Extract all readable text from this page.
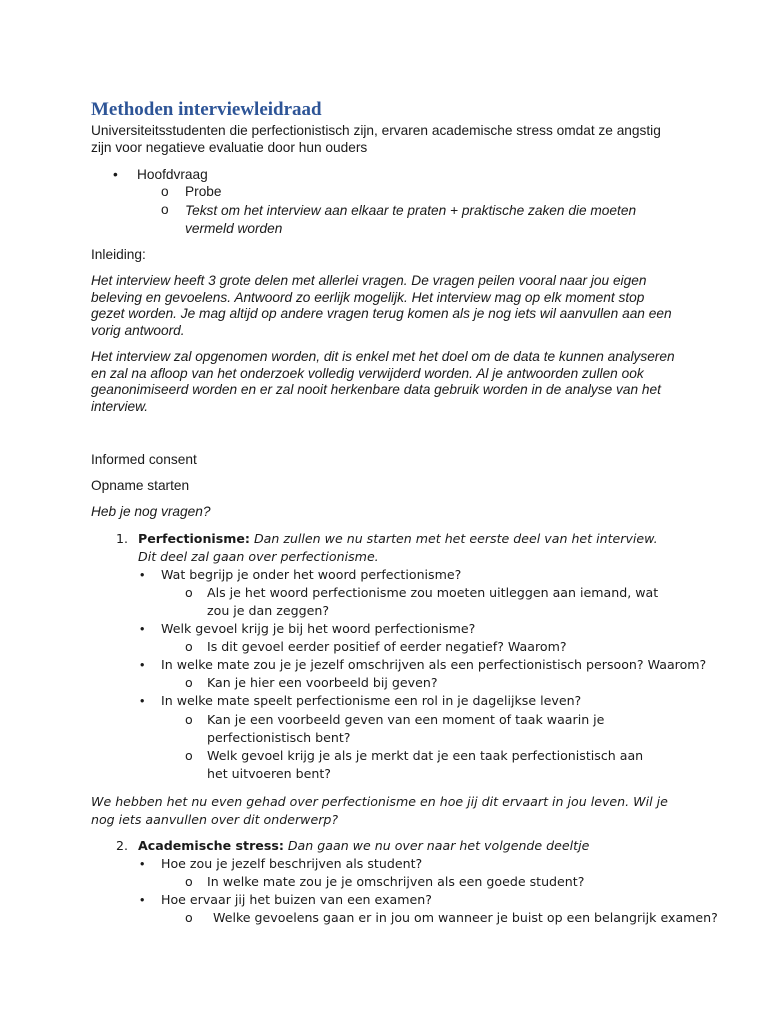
Methoden interviewleidraad

Universiteitsstudenten die perfectionistisch zijn, ervaren academische stress omdat ze angstig zijn voor negatieve evaluatie door hun ouders

• Hoofdvraag
o Probe
o Tekst om het interview aan elkaar te praten + praktische zaken die moeten vermeld worden

Inleiding:

Het interview heeft 3 grote delen met allerlei vragen. De vragen peilen vooral naar jou eigen beleving en gevoelens. Antwoord zo eerlijk mogelijk. Het interview mag op elk moment stop gezet worden. Je mag altijd op andere vragen terug komen als je nog iets wil aanvullen aan een vorig antwoord.

Het interview zal opgenomen worden, dit is enkel met het doel om de data te kunnen analyseren en zal na afloop van het onderzoek volledig verwijderd worden. Al je antwoorden zullen ook geanonimiseerd worden en er zal nooit herkenbare data gebruik worden in de analyse van het interview.

Informed consent

Opname starten

Heb je nog vragen?

1. Perfectionisme: Dan zullen we nu starten met het eerste deel van het interview. Dit deel zal gaan over perfectionisme.

• Wat begrijp je onder het woord perfectionisme?
o Als je het woord perfectionisme zou moeten uitleggen aan iemand, wat zou je dan zeggen?

• Welk gevoel krijg je bij het woord perfectionisme?
o Is dit gevoel eerder positief of eerder negatief? Waarom?
• In welke mate zou je je jezelf omschrijven als een perfectionistisch persoon? Waarom?
o Kan je hier een voorbeeld bij geven?
• In welke mate speelt perfectionisme een rol in je dagelijkse leven?
o Kan je een voorbeeld geven van een moment of taak waarin je perfectionistisch bent?

o Welk gevoel krijg je als je merkt dat je een taak perfectionistisch aan het uitvoeren bent?

We hebben het nu even gehad over perfectionisme en hoe jij dit ervaart in jou leven. Wil je nog iets aanvullen over dit onderwerp?

2. Academische stress: Dan gaan we nu over naar het volgende deeltje

• Hoe zou je jezelf beschrijven als student?
o In welke mate zou je je omschrijven als een goede student?
• Hoe ervaar jij het buizen van een examen?
o Welke gevoelens gaan er in jou om wanneer je buist op een belangrijk examen?
